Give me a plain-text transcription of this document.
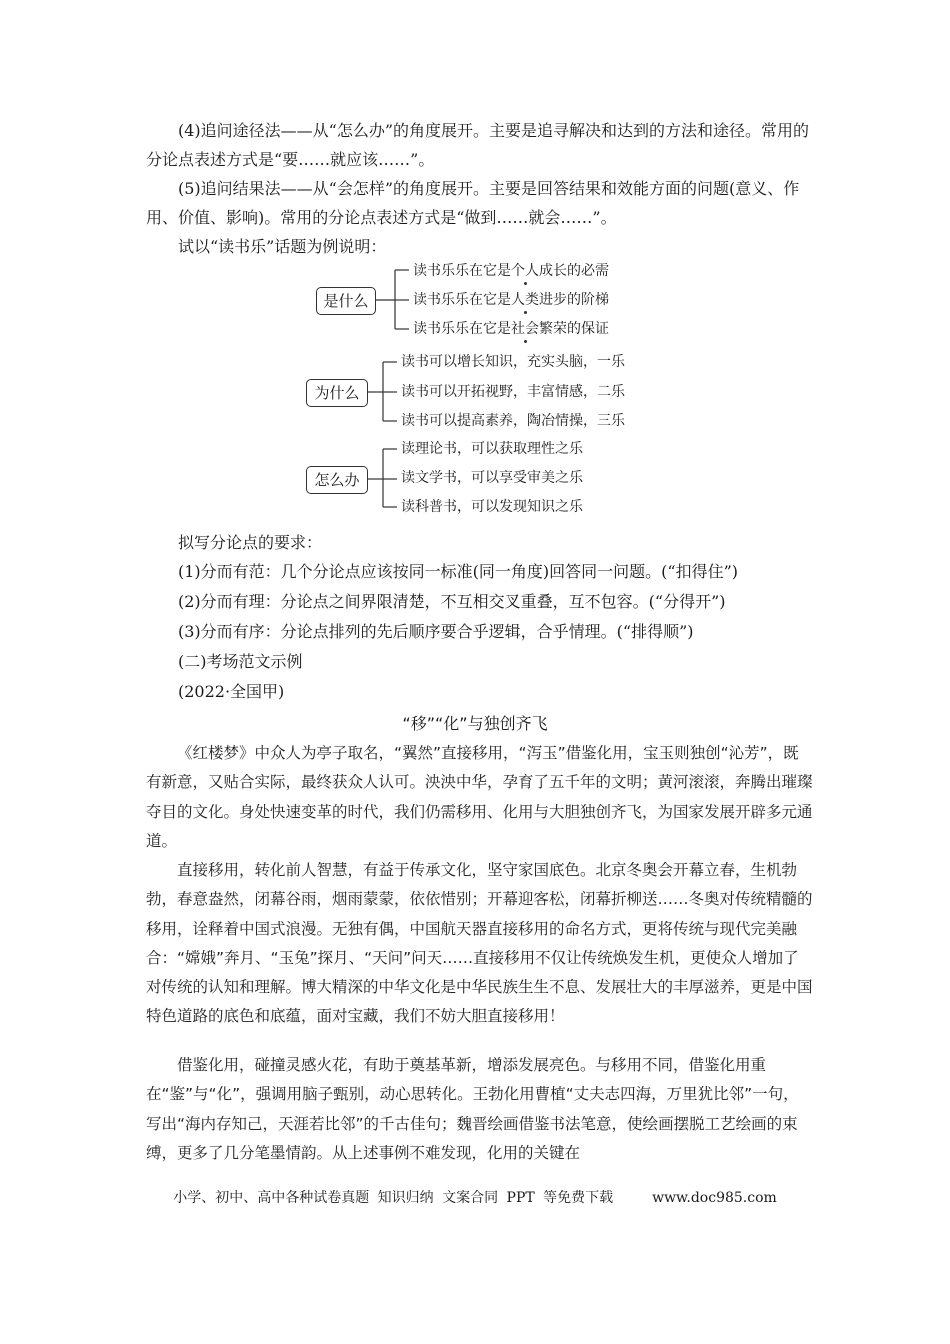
(4)追问途径法——从“怎么办”的角度展开。主要是追寻解决和达到的方法和途径。常用的分论点表述方式是“要……就应该……”。

(5)追问结果法——从“会怎样”的角度展开。主要是回答结果和效能方面的问题(意义、作用、价值、影响)。常用的分论点表述方式是“做到……就会……”。

试以“读书乐”话题为例说明：
是什么
为什么
怎么办
读书乐乐在它是个人成长的必需
读书乐乐在它是人类进步的阶梯
读书乐乐在它是社会繁荣的保证
读书可以增长知识，充实头脑，一乐
读书可以开拓视野，丰富情感，二乐
读书可以提高素养，陶冶情操，三乐
读理论书，可以获取理性之乐
读文学书，可以享受审美之乐
读科普书，可以发现知识之乐
拟写分论点的要求：
(1)分而有范：几个分论点应该按同一标准(同一角度)回答同一问题。(“扣得住”)
(2)分而有理：分论点之间界限清楚，不互相交叉重叠，互不包容。(“分得开”)
(3)分而有序：分论点排列的先后顺序要合乎逻辑，合乎情理。(“排得顺”)
(二)考场范文示例
(2022·全国甲)
“移”“化”与独创齐飞

《红楼梦》中众人为亭子取名，“翼然”直接移用，“泻玉”借鉴化用，宝玉则独创“沁芳”，既有新意，又贴合实际，最终获众人认可。泱泱中华，孕育了五千年的文明；黄河滚滚，奔腾出璀璨夺目的文化。身处快速变革的时代，我们仍需移用、化用与大胆独创齐飞，为国家发展开辟多元通道。

直接移用，转化前人智慧，有益于传承文化，坚守家国底色。北京冬奥会开幕立春，生机勃勃，春意盎然，闭幕谷雨，烟雨蒙蒙，依依惜别；开幕迎客松，闭幕折柳送……冬奥对传统精髓的移用，诠释着中国式浪漫。无独有偶，中国航天器直接移用的命名方式，更将传统与现代完美融合：“嫦娥”奔月、“玉兔”探月、“天问”问天……直接移用不仅让传统焕发生机，更使众人增加了对传统的认知和理解。博大精深的中华文化是中华民族生生不息、发展壮大的丰厚滋养，更是中国特色道路的底色和底蕴，面对宝藏，我们不妨大胆直接移用！

借鉴化用，碰撞灵感火花，有助于奠基革新，增添发展亮色。与移用不同，借鉴化用重在“鉴”与“化”，强调用脑子甄别，动心思转化。王勃化用曹植“丈夫志四海，万里犹比邻”一句，写出“海内存知己，天涯若比邻”的千古佳句；魏晋绘画借鉴书法笔意，使绘画摆脱工艺绘画的束缚，更多了几分笔墨情韵。从上述事例不难发现，化用的关键在

小学、初中、高中各种试卷真题 知识归纳 文案合同 PPT 等免费下载	www.doc985.com
